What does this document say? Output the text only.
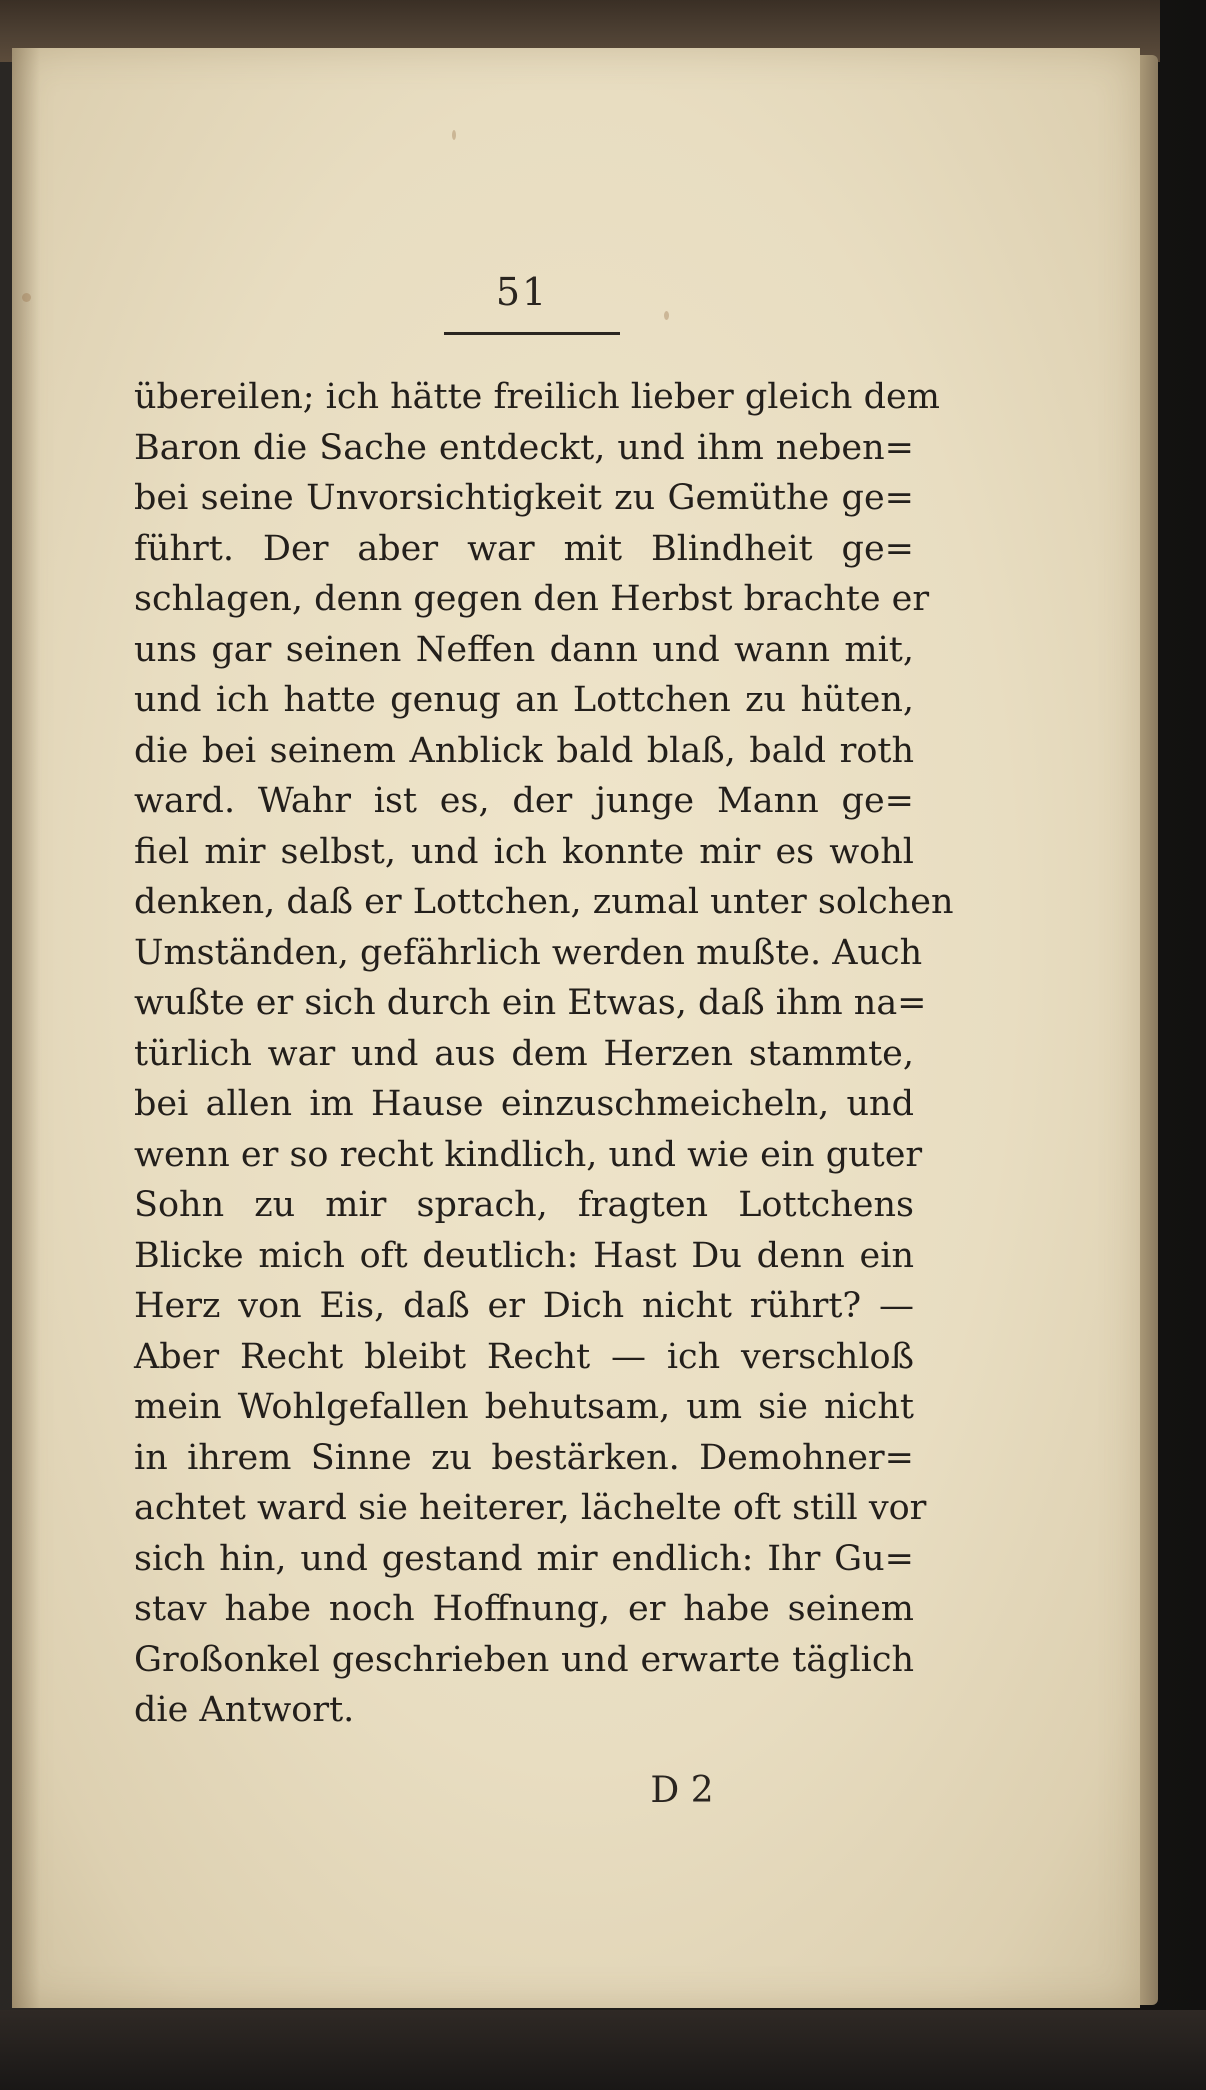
51
übereilen; ich hätte freilich lieber gleich dem
Baron die Sache entdeckt, und ihm neben=
bei seine Unvorsichtigkeit zu Gemüthe ge=
führt. Der aber war mit Blindheit ge=
schlagen, denn gegen den Herbst brachte er
uns gar seinen Neffen dann und wann mit,
und ich hatte genug an Lottchen zu hüten,
die bei seinem Anblick bald blaß, bald roth
ward. Wahr ist es, der junge Mann ge=
fiel mir selbst, und ich konnte mir es wohl
denken, daß er Lottchen, zumal unter solchen
Umständen, gefährlich werden mußte. Auch
wußte er sich durch ein Etwas, daß ihm na=
türlich war und aus dem Herzen stammte,
bei allen im Hause einzuschmeicheln, und
wenn er so recht kindlich, und wie ein guter
Sohn zu mir sprach, fragten Lottchens
Blicke mich oft deutlich: Hast Du denn ein
Herz von Eis, daß er Dich nicht rührt? —
Aber Recht bleibt Recht — ich verschloß
mein Wohlgefallen behutsam, um sie nicht
in ihrem Sinne zu bestärken. Demohner=
achtet ward sie heiterer, lächelte oft still vor
sich hin, und gestand mir endlich: Ihr Gu=
stav habe noch Hoffnung, er habe seinem
Großonkel geschrieben und erwarte täglich
die Antwort.
D 2
